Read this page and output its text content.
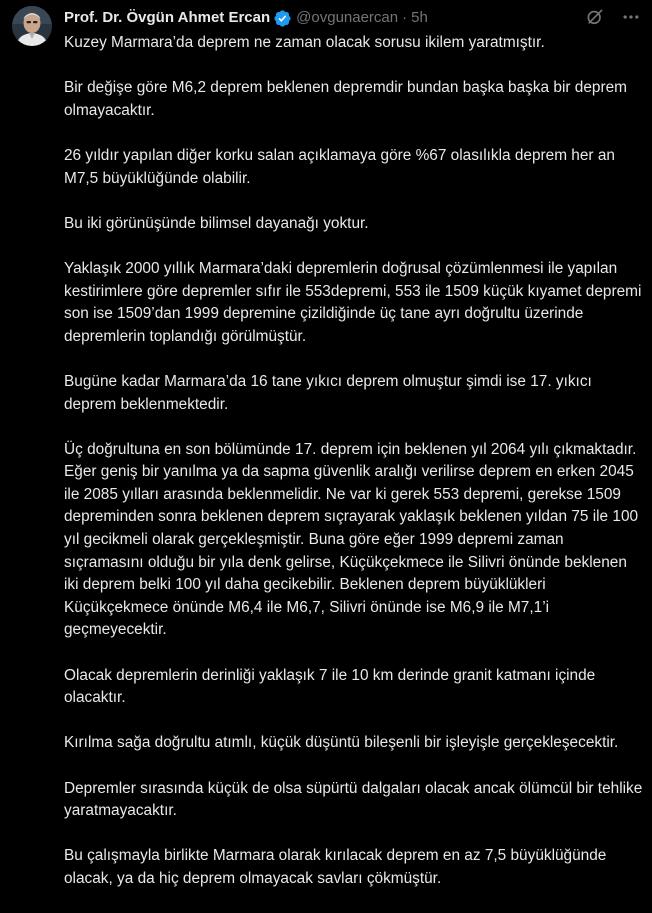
Prof. Dr. Övgün Ahmet Ercan @ovgunaercan · 5h

Kuzey Marmara’da deprem ne zaman olacak sorusu ikilem yaratmıştır.

Bir değişe göre M6,2 deprem beklenen depremdir bundan başka başka bir deprem olmayacaktır.

26 yıldır yapılan diğer korku salan açıklamaya göre %67 olasılıkla deprem her an M7,5 büyüklüğünde olabilir.

Bu iki görünüşünde bilimsel dayanağı yoktur.

Yaklaşık 2000 yıllık Marmara’daki depremlerin doğrusal çözümlenmesi ile yapılan kestirimlere göre depremler sıfır ile 553depremi, 553 ile 1509 küçük kıyamet depremi son ise 1509’dan 1999 depremine çizildiğinde üç tane ayrı doğrultu üzerinde depremlerin toplandığı görülmüştür.

Bugüne kadar Marmara’da 16 tane yıkıcı deprem olmuştur şimdi ise 17. yıkıcı deprem beklenmektedir.

Üç doğrultuna en son bölümünde 17. deprem için beklenen yıl 2064 yılı çıkmaktadır. Eğer geniş bir yanılma ya da sapma güvenlik aralığı verilirse deprem en erken 2045 ile 2085 yılları arasında beklenmelidir. Ne var ki gerek 553 depremi, gerekse 1509 depreminden sonra beklenen deprem sıçrayarak yaklaşık beklenen yıldan 75 ile 100 yıl gecikmeli olarak gerçekleşmiştir. Buna göre eğer 1999 depremi zaman sıçramasını olduğu bir yıla denk gelirse, Küçükçekmece ile Silivri önünde beklenen iki deprem belki 100 yıl daha gecikebilir. Beklenen deprem büyüklükleri Küçükçekmece önünde M6,4 ile M6,7, Silivri önünde ise M6,9 ile M7,1’i geçmeyecektir.

Olacak depremlerin derinliği yaklaşık 7 ile 10 km derinde granit katmanı içinde olacaktır.

Kırılma sağa doğrultu atımlı, küçük düşüntü bileşenli bir işleyişle gerçekleşecektir.

Depremler sırasında küçük de olsa süpürtü dalgaları olacak ancak ölümcül bir tehlike yaratmayacaktır.

Bu çalışmayla birlikte Marmara olarak kırılacak deprem en az 7,5 büyüklüğünde olacak, ya da hiç deprem olmayacak savları çökmüştür.
